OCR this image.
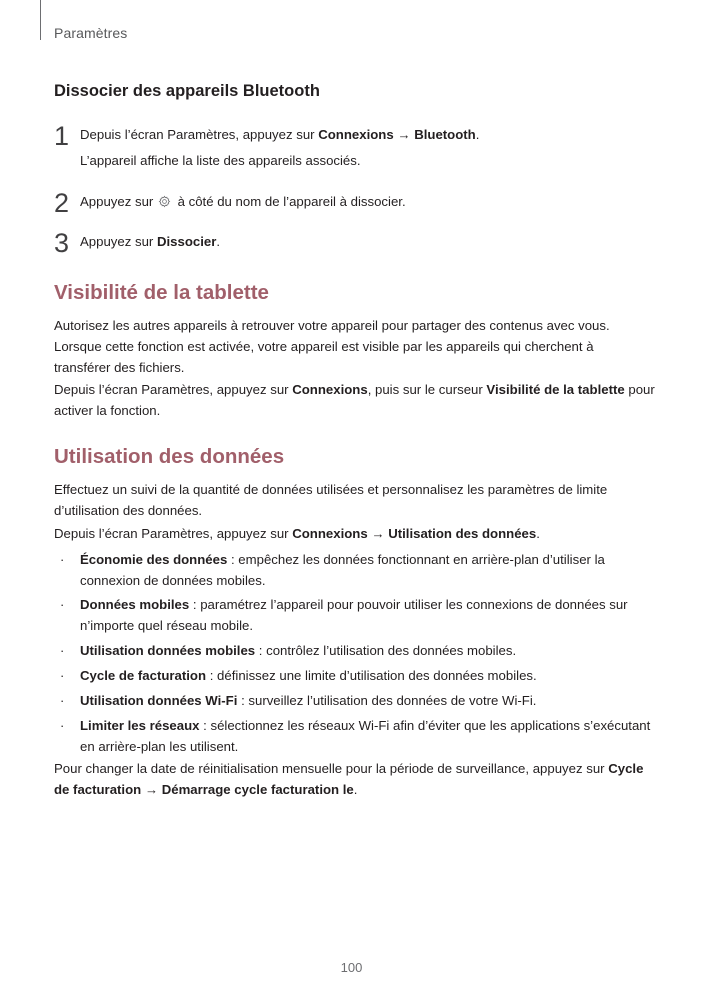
Paramètres
Dissocier des appareils Bluetooth
1 Depuis l’écran Paramètres, appuyez sur Connexions → Bluetooth.
L’appareil affiche la liste des appareils associés.
2 Appuyez sur  à côté du nom de l’appareil à dissocier.
3 Appuyez sur Dissocier.
Visibilité de la tablette
Autorisez les autres appareils à retrouver votre appareil pour partager des contenus avec vous.
Lorsque cette fonction est activée, votre appareil est visible par les appareils qui cherchent à
transférer des fichiers.
Depuis l’écran Paramètres, appuyez sur Connexions, puis sur le curseur Visibilité de la tablette pour
activer la fonction.
Utilisation des données
Effectuez un suivi de la quantité de données utilisées et personnalisez les paramètres de limite
d’utilisation des données.
Depuis l’écran Paramètres, appuyez sur Connexions → Utilisation des données.
·	Économie des données : empêchez les données fonctionnant en arrière-plan d’utiliser la
connexion de données mobiles.
·	Données mobiles : paramétrez l’appareil pour pouvoir utiliser les connexions de données sur
n’importe quel réseau mobile.
·	Utilisation données mobiles : contrôlez l’utilisation des données mobiles.
·	Cycle de facturation : définissez une limite d’utilisation des données mobiles.
·	Utilisation données Wi-Fi : surveillez l’utilisation des données de votre Wi-Fi.
·	Limiter les réseaux : sélectionnez les réseaux Wi-Fi afin d’éviter que les applications s’exécutant
en arrière-plan les utilisent.
Pour changer la date de réinitialisation mensuelle pour la période de surveillance, appuyez sur Cycle
de facturation → Démarrage cycle facturation le.
100
